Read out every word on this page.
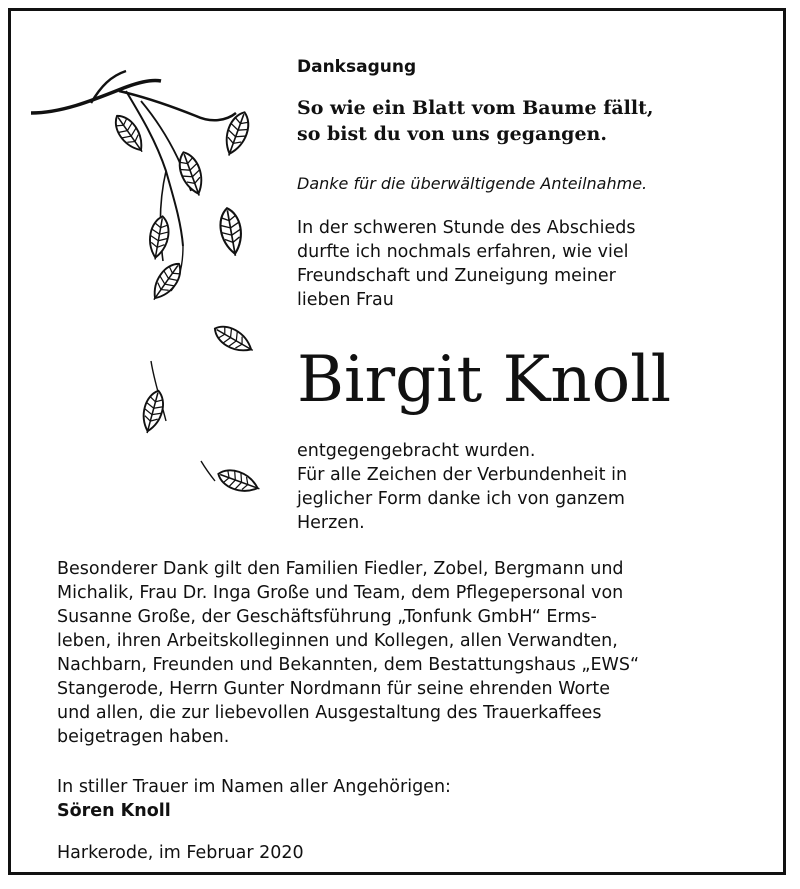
Danksagung
So wie ein Blatt vom Baume fällt,
so bist du von uns gegangen.
Danke für die überwältigende Anteilnahme.
In der schweren Stunde des Abschieds
durfte ich nochmals erfahren, wie viel
Freundschaft und Zuneigung meiner
lieben Frau
Birgit Knoll
entgegengebracht wurden.
Für alle Zeichen der Verbundenheit in
jeglicher Form danke ich von ganzem
Herzen.
Besonderer Dank gilt den Familien Fiedler, Zobel, Bergmann und
Michalik, Frau Dr. Inga Große und Team, dem Pflegepersonal von
Susanne Große, der Geschäftsführung „Tonfunk GmbH“ Erms-
leben, ihren Arbeitskolleginnen und Kollegen, allen Verwandten,
Nachbarn, Freunden und Bekannten, dem Bestattungshaus „EWS“
Stangerode, Herrn Gunter Nordmann für seine ehrenden Worte
und allen, die zur liebevollen Ausgestaltung des Trauerkaffees
beigetragen haben.
In stiller Trauer im Namen aller Angehörigen:
Sören Knoll
Harkerode, im Februar 2020
